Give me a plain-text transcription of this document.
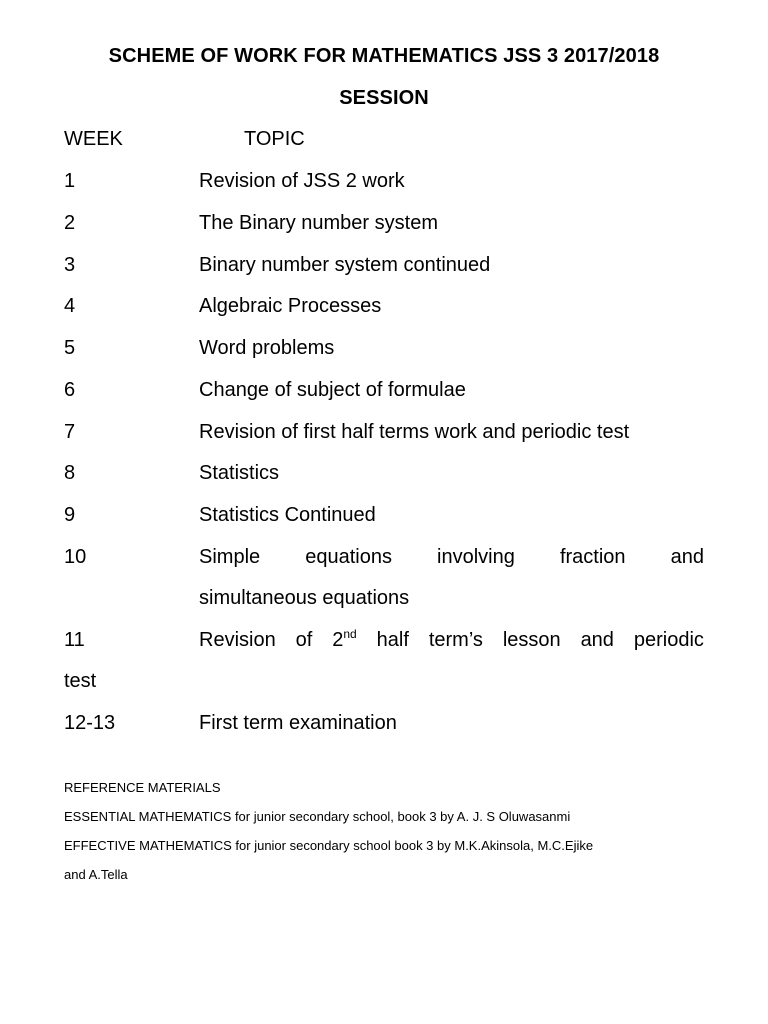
SCHEME OF WORK FOR MATHEMATICS JSS 3 2017/2018
SESSION
WEEK	TOPIC
1	Revision of JSS 2 work
2	The Binary number system
3	Binary number system continued
4	Algebraic Processes
5	Word problems
6	Change of subject of formulae
7	Revision of first half terms work and periodic test
8	Statistics
9	Statistics Continued
10	Simple equations involving fraction and
simultaneous equations
11	Revision of 2nd half term’s lesson and periodic
test
12-13	First term examination
REFERENCE MATERIALS
ESSENTIAL MATHEMATICS for junior secondary school, book 3 by A. J. S Oluwasanmi
EFFECTIVE MATHEMATICS for junior secondary school book 3 by M.K.Akinsola, M.C.Ejike
and A.Tella
